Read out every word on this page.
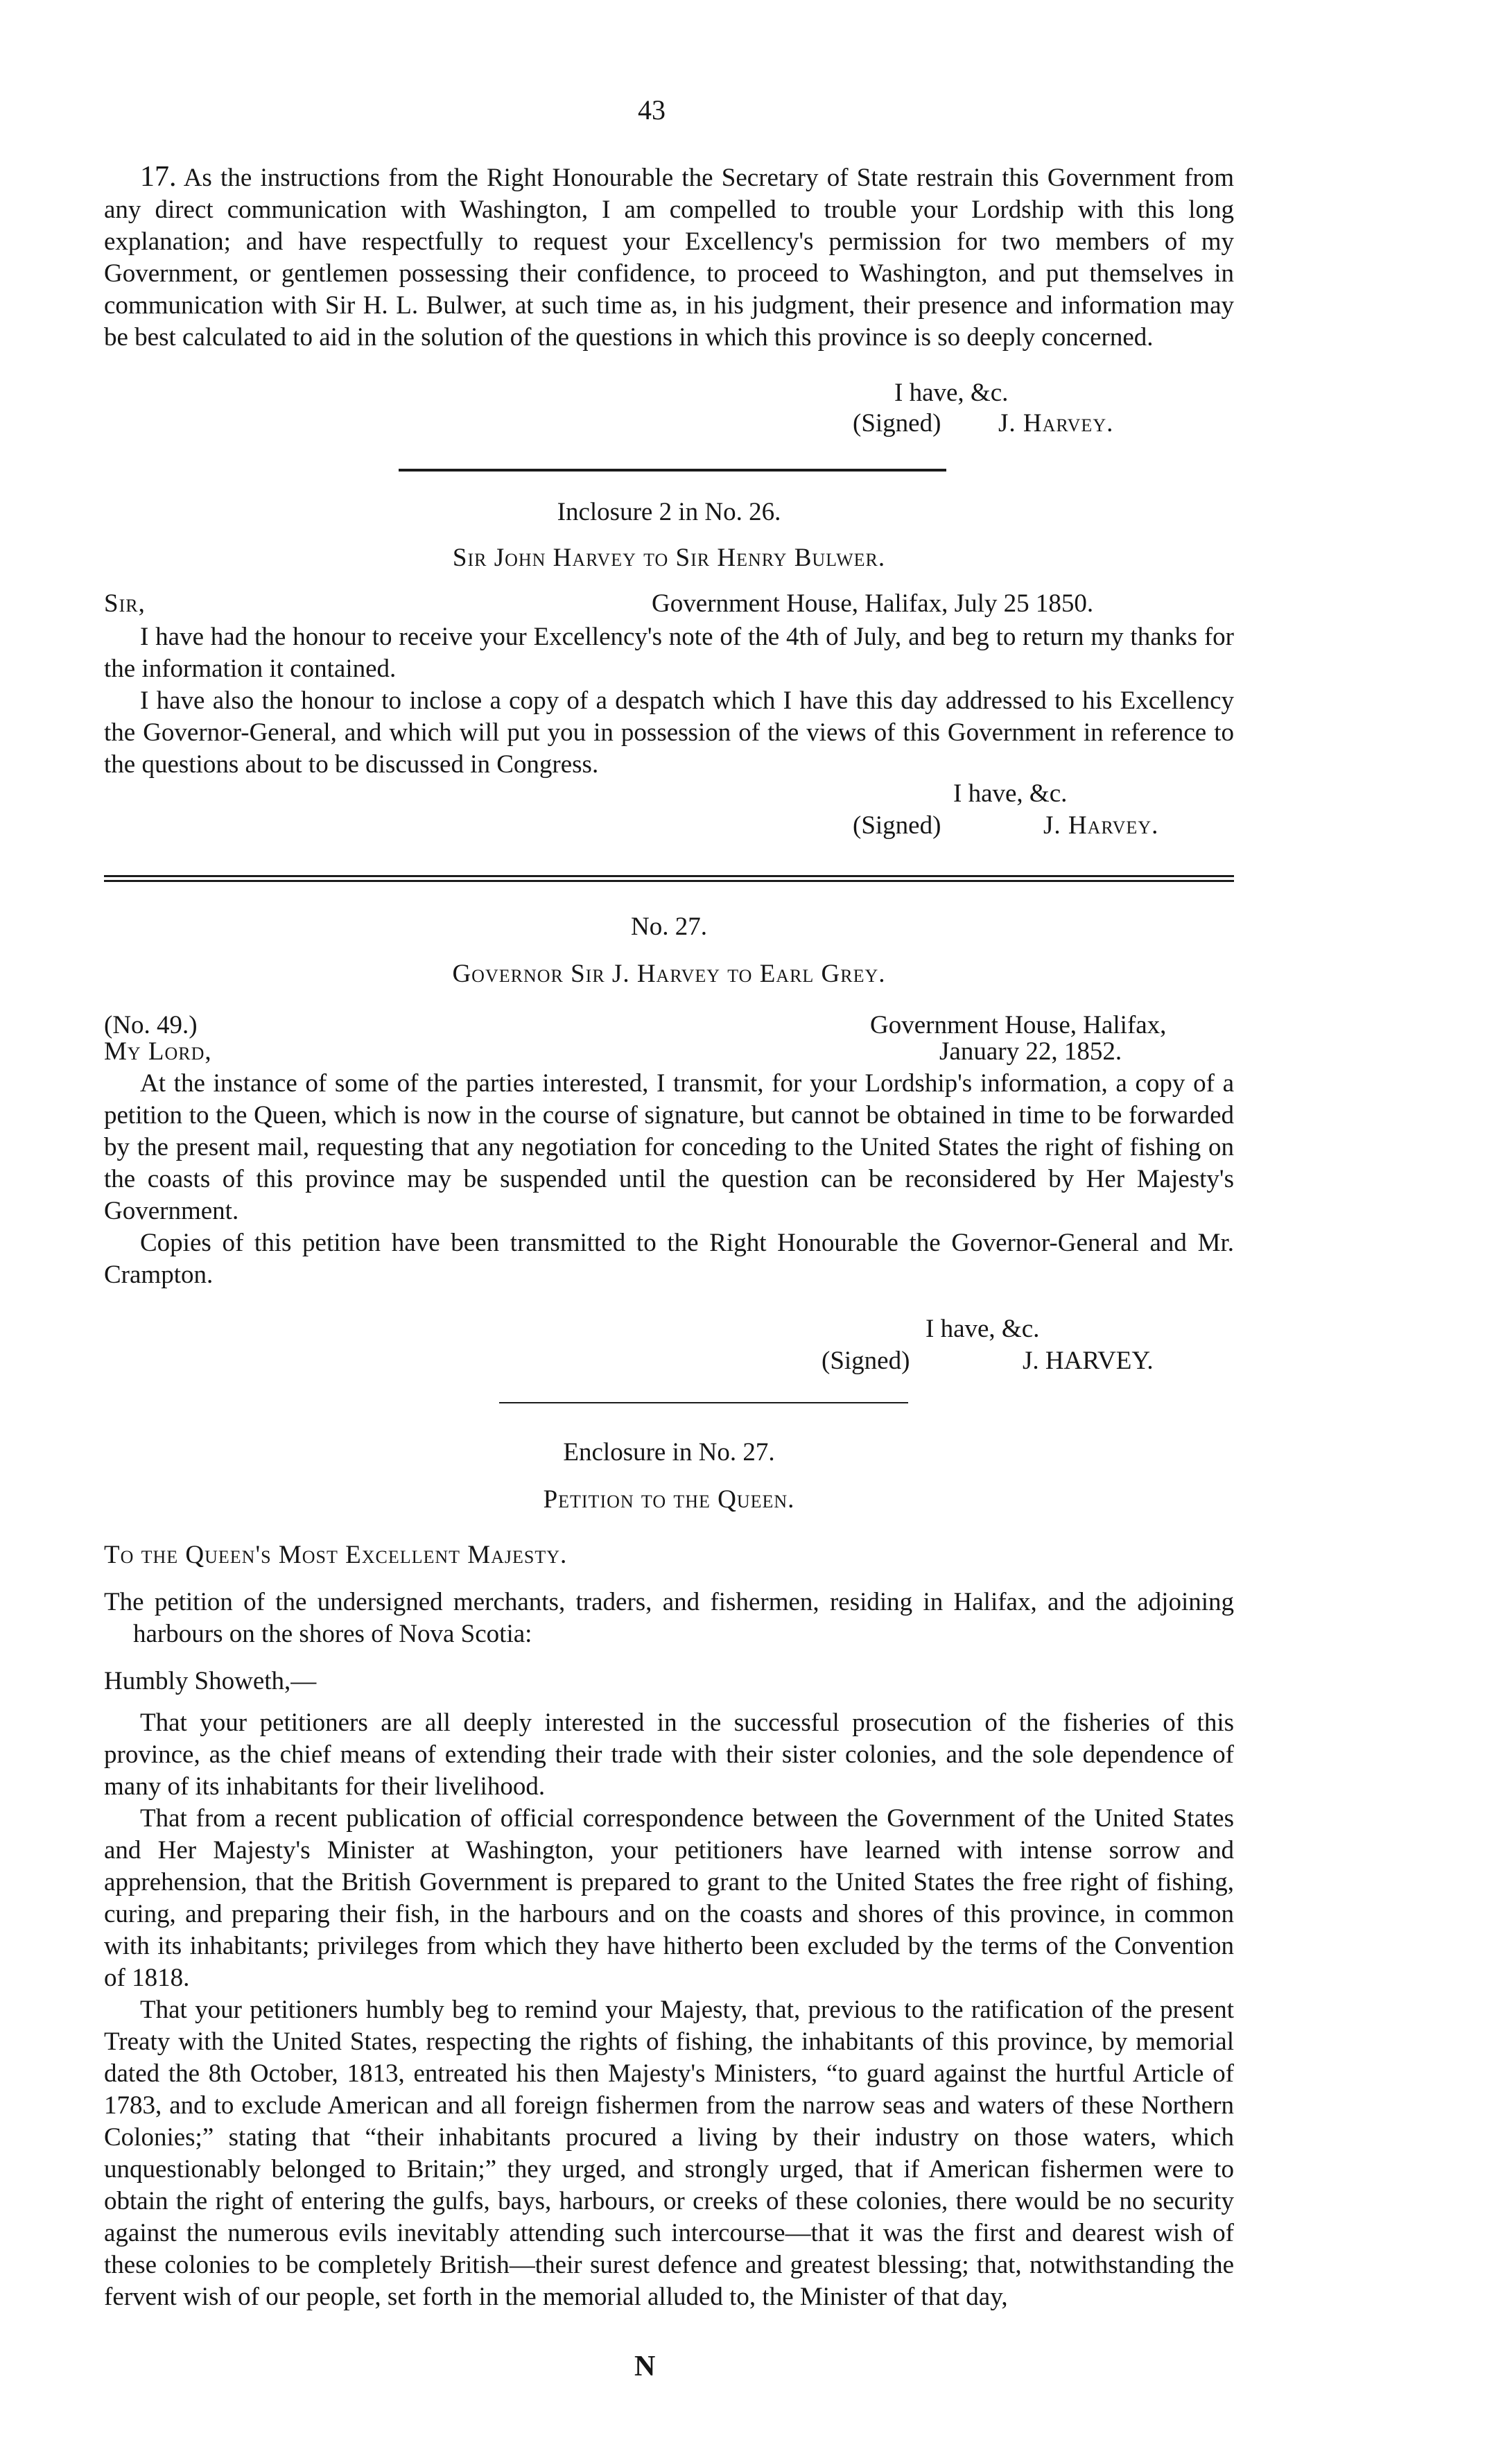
43

17. As the instructions from the Right Honourable the Secretary of State restrain this Government from any direct communication with Washington, I am compelled to trouble your Lordship with this long explanation; and have respectfully to request your Excellency's permission for two members of my Government, or gentlemen possessing their confidence, to proceed to Washington, and put themselves in communication with Sir H. L. Bulwer, at such time as, in his judgment, their presence and information may be best calculated to aid in the solution of the questions in which this province is so deeply concerned.

I have, &c.
(Signed) J. Harvey.
Inclosure 2 in No. 26.
Sir John Harvey to Sir Henry Bulwer.
Sir,	Government House, Halifax, July 25 1850.

I have had the honour to receive your Excellency's note of the 4th of July, and beg to return my thanks for the information it contained.

I have also the honour to inclose a copy of a despatch which I have this day addressed to his Excellency the Governor-General, and which will put you in possession of the views of this Government in reference to the questions about to be discussed in Congress.

I have, &c.
(Signed)	J. Harvey.
No. 27.
Governor Sir J. Harvey to Earl Grey.
(No. 49.)
My Lord,
Government House, Halifax,
January 22, 1852.

At the instance of some of the parties interested, I transmit, for your Lordship's information, a copy of a petition to the Queen, which is now in the course of signature, but cannot be obtained in time to be forwarded by the present mail, requesting that any negotiation for conceding to the United States the right of fishing on the coasts of this province may be suspended until the question can be reconsidered by Her Majesty's Government.

Copies of this petition have been transmitted to the Right Honourable the Governor-General and Mr. Crampton.

I have, &c.
(Signed)	J. HARVEY.
Enclosure in No. 27.
Petition to the Queen.
To the Queen's Most Excellent Majesty.

The petition of the undersigned merchants, traders, and fishermen, residing in Halifax, and the adjoining harbours on the shores of Nova Scotia:

Humbly Showeth,—

That your petitioners are all deeply interested in the successful prosecution of the fisheries of this province, as the chief means of extending their trade with their sister colonies, and the sole dependence of many of its inhabitants for their livelihood.

That from a recent publication of official correspondence between the Government of the United States and Her Majesty's Minister at Washington, your petitioners have learned with intense sorrow and apprehension, that the British Government is prepared to grant to the United States the free right of fishing, curing, and preparing their fish, in the harbours and on the coasts and shores of this province, in common with its inhabitants; privileges from which they have hitherto been excluded by the terms of the Convention of 1818.

That your petitioners humbly beg to remind your Majesty, that, previous to the ratification of the present Treaty with the United States, respecting the rights of fishing, the inhabitants of this province, by memorial dated the 8th October, 1813, entreated his then Majesty's Ministers, “to guard against the hurtful Article of 1783, and to exclude American and all foreign fishermen from the narrow seas and waters of these Northern Colonies;” stating that “their inhabitants procured a living by their industry on those waters, which unquestionably belonged to Britain;” they urged, and strongly urged, that if American fishermen were to obtain the right of entering the gulfs, bays, harbours, or creeks of these colonies, there would be no security against the numerous evils inevitably attending such intercourse—that it was the first and dearest wish of these colonies to be completely British—their surest defence and greatest blessing; that, notwithstanding the fervent wish of our people, set forth in the memorial alluded to, the Minister of that day,

N
